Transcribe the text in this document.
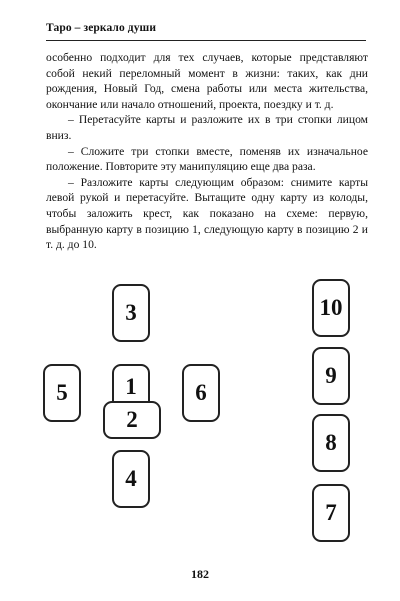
Таро – зеркало души

особенно подходит для тех случаев, которые представляют собой некий переломный момент в жизни: таких, как дни рождения, Новый Год, смена работы или места жительства, окончание или начало отношений, проекта, поездку и т. д.

– Перетасуйте карты и разложите их в три стопки лицом вниз.

– Сложите три стопки вместе, поменяв их изначальное положение. Повторите эту манипуляцию еще два раза.

– Разложите карты следующим образом: снимите карты левой рукой и перетасуйте. Вытащите одну карту из колоды, чтобы заложить крест, как показано на схеме: первую, выбранную карту в позицию 1, следующую карту в позицию 2 и т. д. до 10.

3
5	1	6
2
4
10
9
8
7
182
